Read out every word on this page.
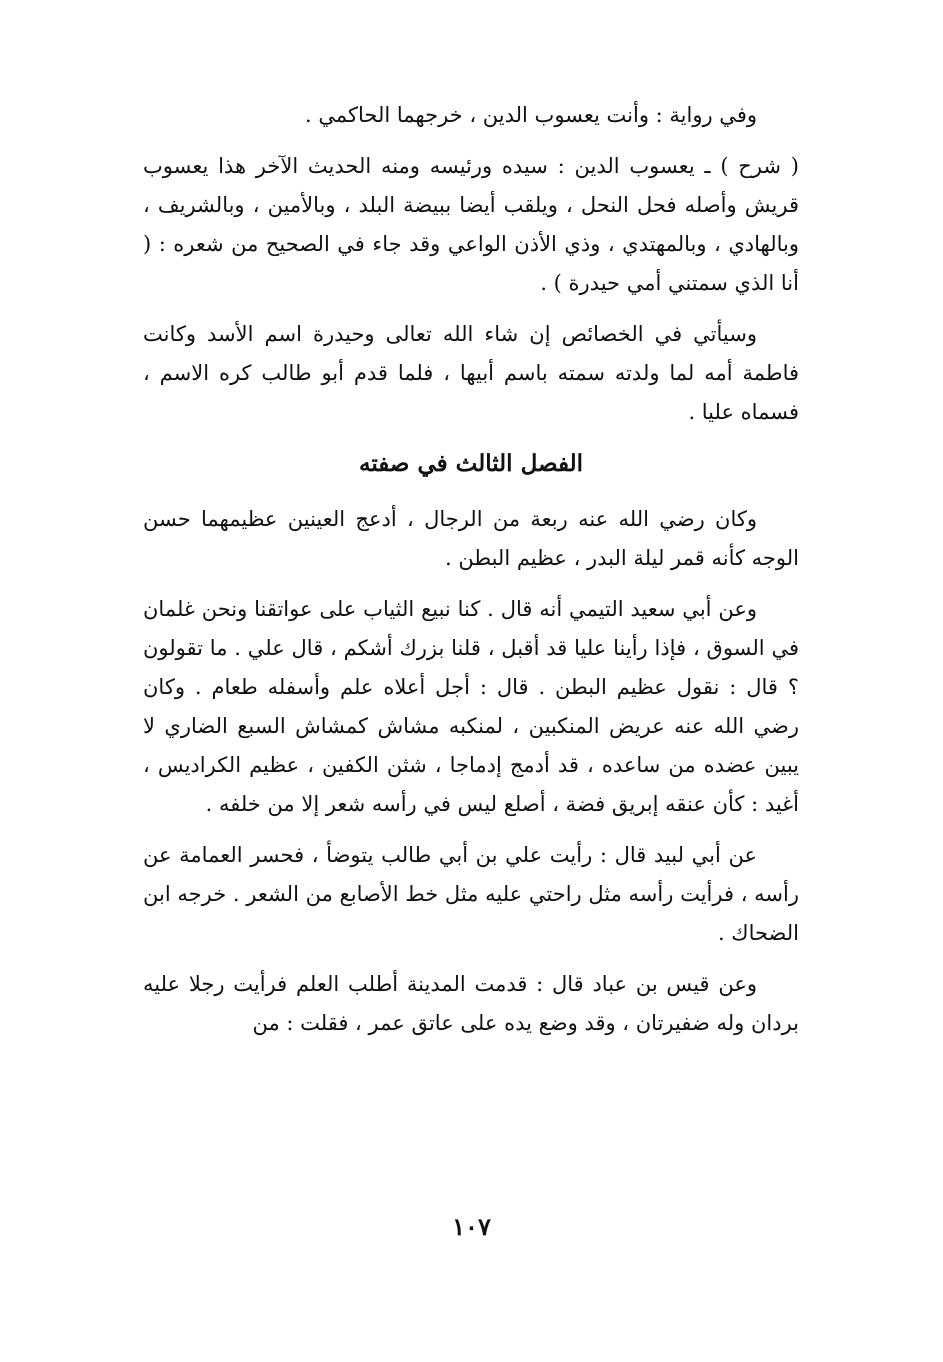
وفي رواية : وأنت يعسوب الدين ، خرجهما الحاكمي .

( شرح ) ـ يعسوب الدين : سيده ورئيسه ومنه الحديث الآخر هذا يعسوب قريش وأصله فحل النحل ، ويلقب أيضا ببيضة البلد ، وبالأمين ، وبالشريف ، وبالهادي ، وبالمهتدي ، وذي الأذن الواعي وقد جاء في الصحيح من شعره : ( أنا الذي سمتني أمي حيدرة ) .

وسيأتي في الخصائص إن شاء الله تعالى وحيدرة اسم الأسد وكانت فاطمة أمه لما ولدته سمته باسم أبيها ، فلما قدم أبو طالب كره الاسم ، فسماه عليا .

الفصل الثالث في صفته

وكان رضي الله عنه ربعة من الرجال ، أدعج العينين عظيمهما حسن الوجه كأنه قمر ليلة البدر ، عظيم البطن .

وعن أبي سعيد التيمي أنه قال . كنا نبيع الثياب على عواتقنا ونحن غلمان في السوق ، فإذا رأينا عليا قد أقبل ، قلنا بزرك أشكم ، قال علي . ما تقولون ؟ قال : نقول عظيم البطن . قال : أجل أعلاه علم وأسفله طعام . وكان رضي الله عنه عريض المنكبين ، لمنكبه مشاش كمشاش السبع الضاري لا يبين عضده من ساعده ، قد أدمج إدماجا ، شثن الكفين ، عظيم الكراديس ، أغيد : كأن عنقه إبريق فضة ، أصلع ليس في رأسه شعر إلا من خلفه .

عن أبي لبيد قال : رأيت علي بن أبي طالب يتوضأ ، فحسر العمامة عن رأسه ، فرأيت رأسه مثل راحتي عليه مثل خط الأصابع من الشعر . خرجه ابن الضحاك .

وعن قيس بن عباد قال : قدمت المدينة أطلب العلم فرأيت رجلا عليه بردان وله ضفيرتان ، وقد وضع يده على عاتق عمر ، فقلت : من

١٠٧
